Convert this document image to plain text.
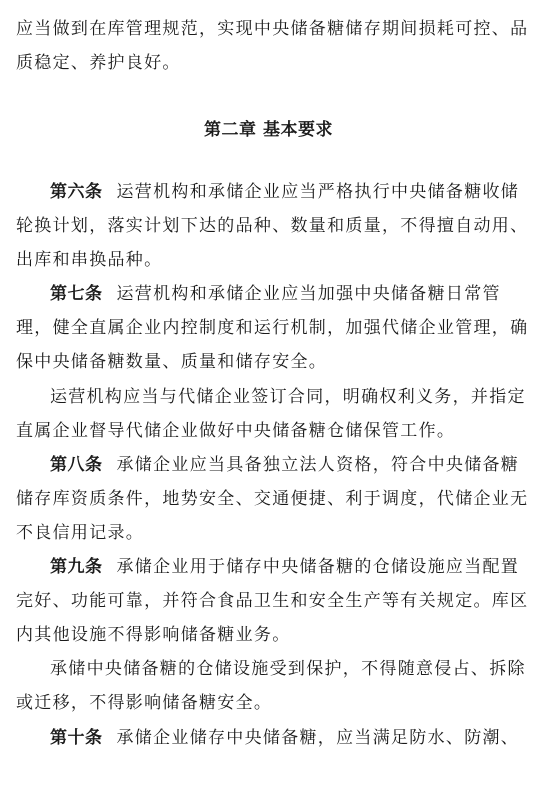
应当做到在库管理规范，实现中央储备糖储存期间损耗可控、品
质稳定、养护良好。
第二章 基本要求
第六条 运营机构和承储企业应当严格执行中央储备糖收储
轮换计划，落实计划下达的品种、数量和质量，不得擅自动用、
出库和串换品种。
第七条 运营机构和承储企业应当加强中央储备糖日常管
理，健全直属企业内控制度和运行机制，加强代储企业管理，确
保中央储备糖数量、质量和储存安全。
运营机构应当与代储企业签订合同，明确权利义务，并指定
直属企业督导代储企业做好中央储备糖仓储保管工作。
第八条 承储企业应当具备独立法人资格，符合中央储备糖
储存库资质条件，地势安全、交通便捷、利于调度，代储企业无
不良信用记录。
第九条 承储企业用于储存中央储备糖的仓储设施应当配置
完好、功能可靠，并符合食品卫生和安全生产等有关规定。库区
内其他设施不得影响储备糖业务。
承储中央储备糖的仓储设施受到保护，不得随意侵占、拆除
或迁移，不得影响储备糖安全。
第十条 承储企业储存中央储备糖，应当满足防水、防潮、
